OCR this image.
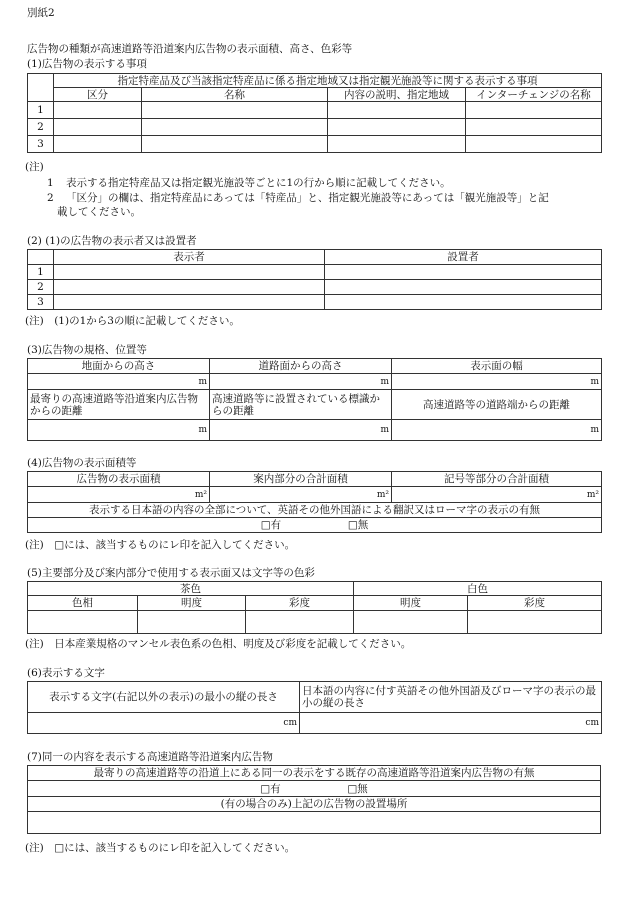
別紙2
広告物の種類が高速道路等沿道案内広告物の表示面積、高さ、色彩等
(1)広告物の表示する事項
	指定特産品及び当該指定特産品に係る指定地域又は指定観光施設等に関する表示する事項			
	区分	名称	内容の説明、指定地域	インターチェンジの名称
1				
2				
3				
(注)
1 表示する指定特産品又は指定観光施設等ごとに1の行から順に記載してください。
2 「区分」の欄は、指定特産品にあっては「特産品」と、指定観光施設等にあっては「観光施設等」と記
載してください。
(2) (1)の広告物の表示者又は設置者
	表示者	設置者
1		
2		
3		
(注)　(1)の1から3の順に記載してください。
(3)広告物の規格、位置等
地面からの高さ	道路面からの高さ	表示面の幅
m	m	m
最寄りの高速道路等沿道案内広告物からの距離	高速道路等に設置されている標識からの距離	高速道路等の道路端からの距離
m	m	m
(4)広告物の表示面積等
広告物の表示面積	案内部分の合計面積	記号等部分の合計面積
m²	m²	m²
表示する日本語の内容の全部について、英語その他外国語による翻訳又はローマ字の表示の有無		
□有 □無		
(注)　□には、該当するものにレ印を記入してください。
(5)主要部分及び案内部分で使用する表示面又は文字等の色彩
茶色			白色	
色相	明度	彩度	明度	彩度

(注)　日本産業規格のマンセル表色系の色相、明度及び彩度を記載してください。
(6)表示する文字
表示する文字(右記以外の表示)の最小の縦の長さ	日本語の内容に付す英語その他外国語及びローマ字の表示の最小の縦の長さ
cm	cm
(7)同一の内容を表示する高速道路等沿道案内広告物
最寄りの高速道路等の沿道上にある同一の表示をする既存の高速道路等沿道案内広告物の有無
□有	□無
(有の場合のみ)上記の広告物の設置場所

(注)　□には、該当するものにレ印を記入してください。
